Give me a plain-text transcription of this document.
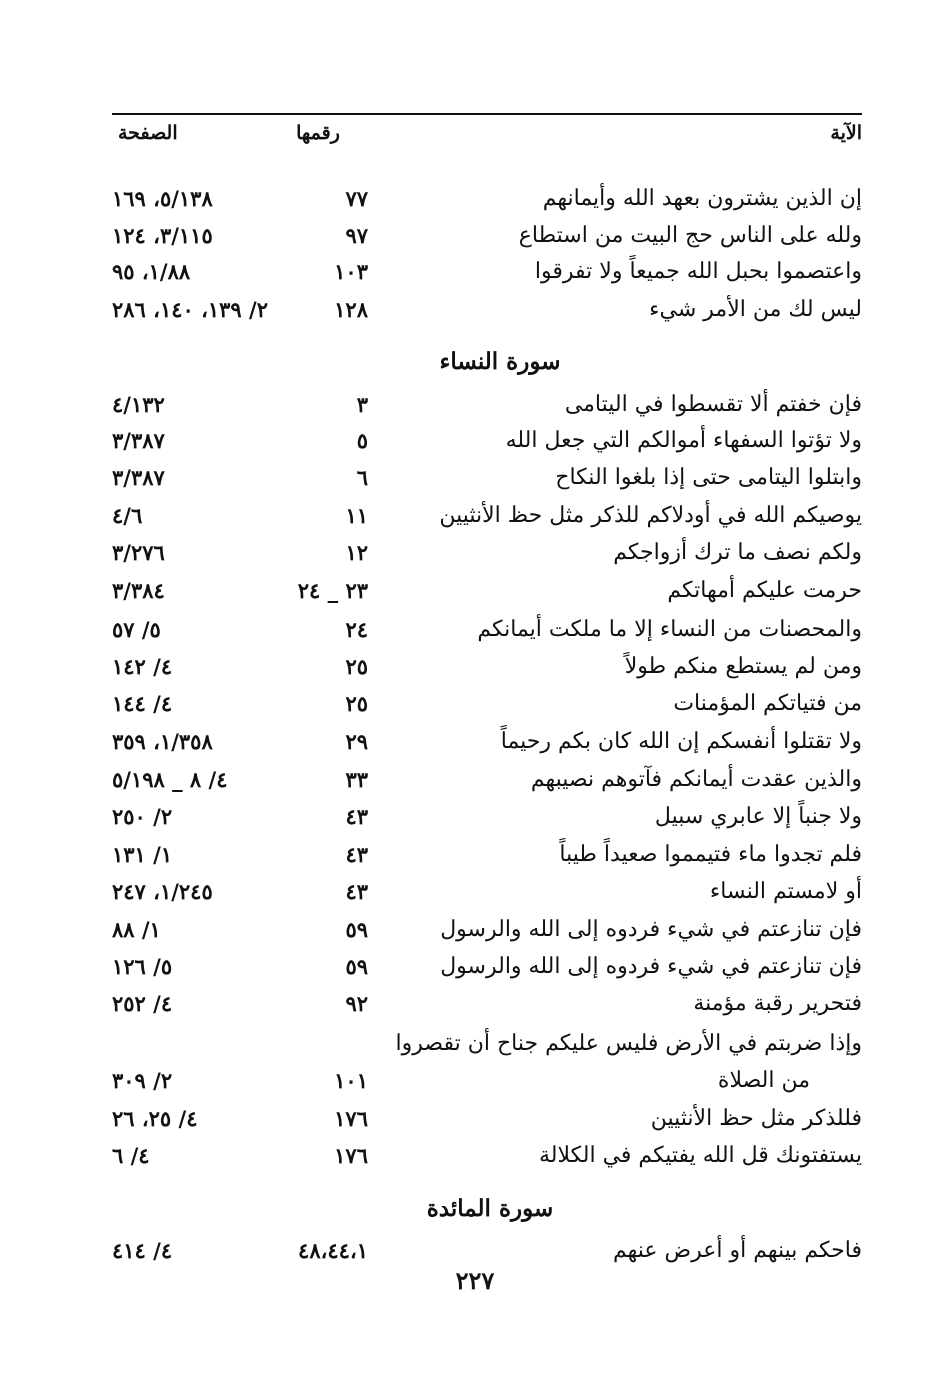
الآية
رقمها
الصفحة
إن الذين يشترون بعهد الله وأيمانهم
٧٧
٥/١٣٨، ١٦٩
ولله على الناس حج البيت من استطاع
٩٧
٣/١١٥، ١٢٤
واعتصموا بحبل الله جميعاً ولا تفرقوا
١٠٣
١/٨٨، ٩٥
ليس لك من الأمر شيء
١٢٨
٢/ ١٣٩، ١٤٠، ٢٨٦
سورة النساء
فإن خفتم ألا تقسطوا في اليتامى
٣
٤/١٣٢
ولا تؤتوا السفهاء أموالكم التي جعل الله
٥
٣/٣٨٧
وابتلوا اليتامى حتى إذا بلغوا النكاح
٦
٣/٣٨٧
يوصيكم الله في أودلاكم للذكر مثل حظ الأنثيين
١١
٤/٦
ولكم نصف ما ترك أزواجكم
١٢
٣/٢٧٦
حرمت عليكم أمهاتكم
٢٣ _ ٢٤
٣/٣٨٤
والمحصنات من النساء إلا ما ملكت أيمانكم
٢٤
٥/ ٥٧
ومن لم يستطع منكم طولاً
٢٥
٤/ ١٤٢
من فتياتكم المؤمنات
٢٥
٤/ ١٤٤
ولا تقتلوا أنفسكم إن الله كان بكم رحيماً
٢٩
١/٣٥٨، ٣٥٩
والذين عقدت أيمانكم فآتوهم نصيبهم
٣٣
٤/ ٨ _ ٥/١٩٨
ولا جنباً إلا عابري سبيل
٤٣
٢/ ٢٥٠
فلم تجدوا ماء فتيمموا صعيداً طيباً
٤٣
١/ ١٣١
أو لامستم النساء
٤٣
١/٢٤٥، ٢٤٧
فإن تنازعتم في شيء فردوه إلى الله والرسول
٥٩
١/ ٨٨
فإن تنازعتم في شيء فردوه إلى الله والرسول
٥٩
٥/ ١٢٦
فتحرير رقبة مؤمنة
٩٢
٤/ ٢٥٢
وإذا ضربتم في الأرض فليس عليكم جناح أن تقصروا
من الصلاة
١٠١
٢/ ٣٠٩
فللذكر مثل حظ الأنثيين
١٧٦
٤/ ٢٥، ٢٦
يستفتونك قل الله يفتيكم في الكلالة
١٧٦
٤/ ٦
سورة المائدة
فاحكم بينهم أو أعرض عنهم
٤٨،٤٤،١
٤/ ٤١٤
٢٢٧
